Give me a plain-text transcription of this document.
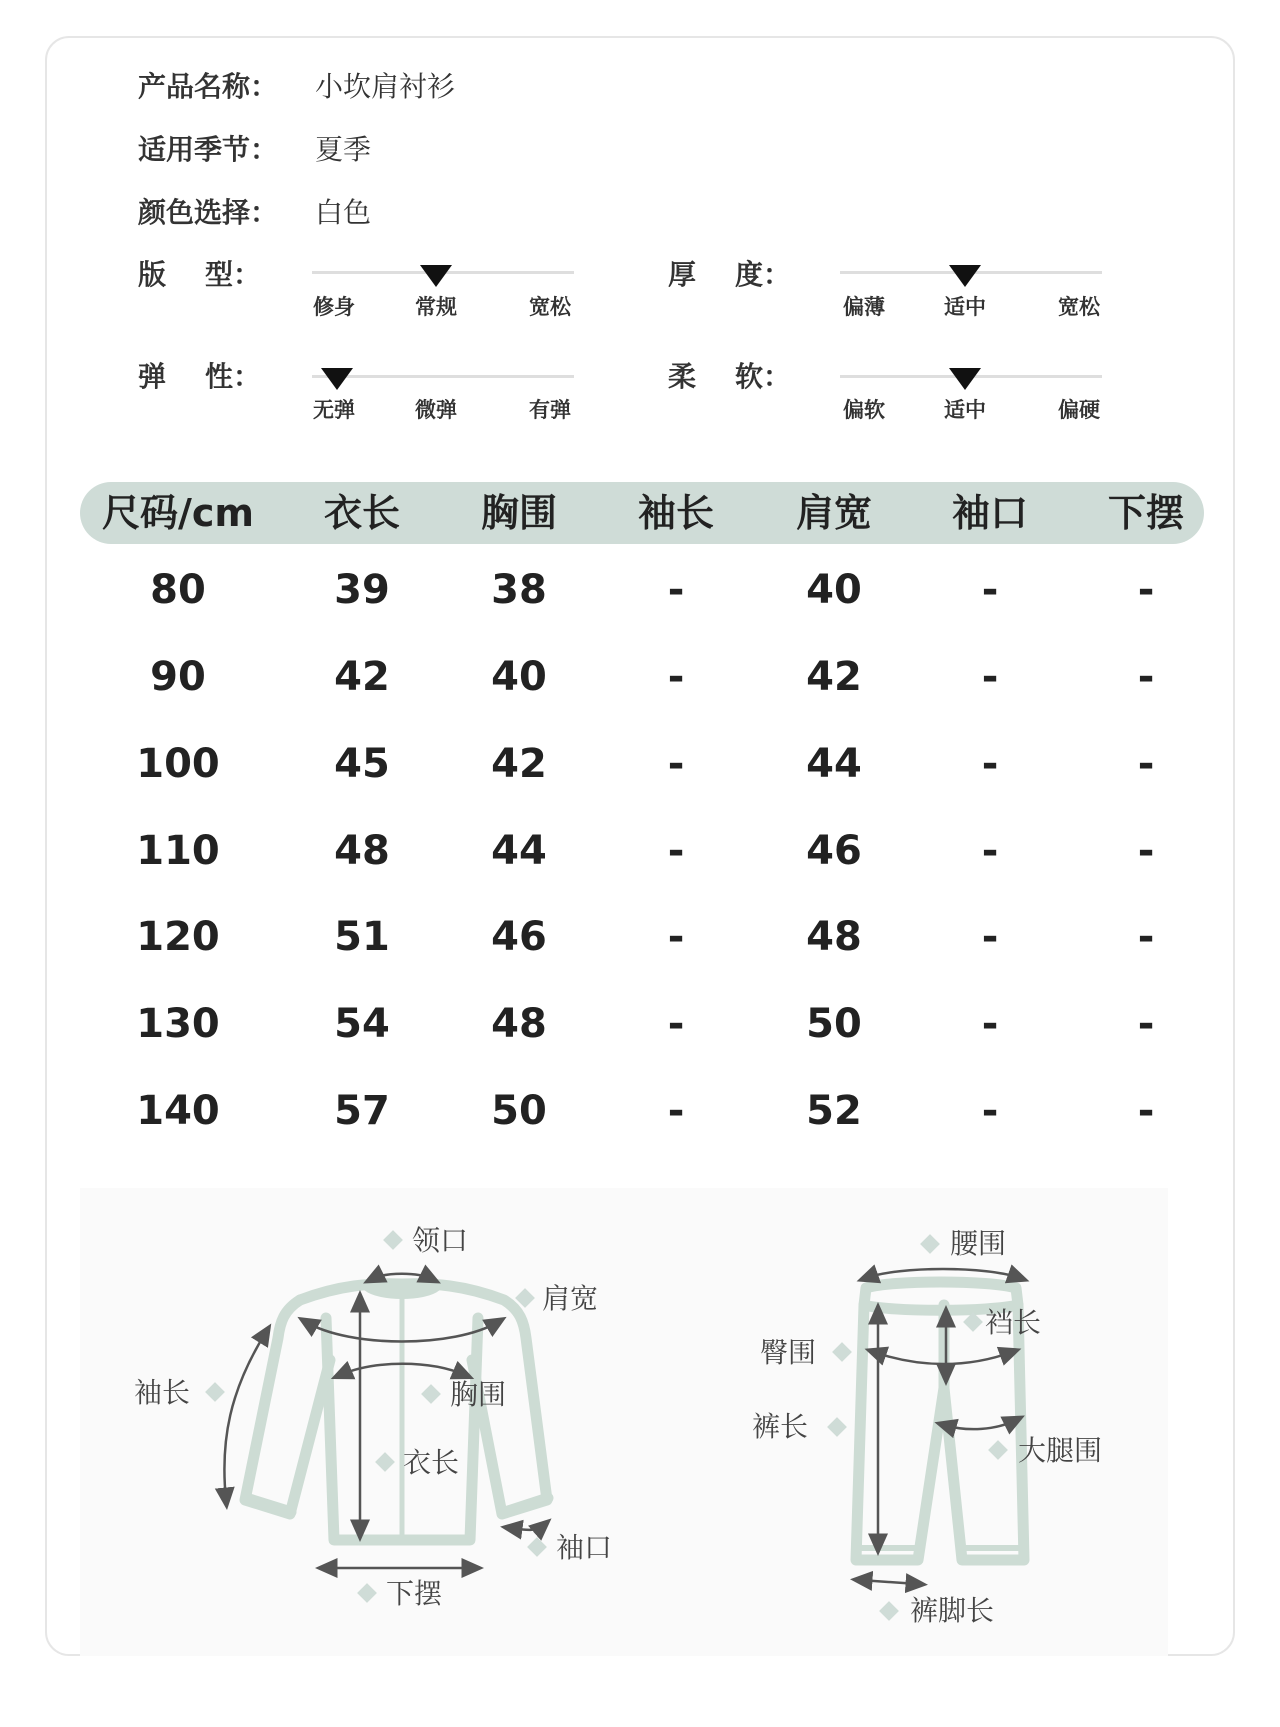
产品名称： 小坎肩衬衫
适用季节： 夏季
颜色选择： 白色
版    型：
修身	常规	宽松
厚    度：
偏薄	适中	宽松
弹    性：
无弹	微弹	有弹
柔    软：
偏软	适中	偏硬
尺码/cm 衣长 胸围 袖长 肩宽 袖口 下摆
80	39	38	-	40	-	-
90	42	40	-	42	-	-
100	45	42	-	44	-	-
110	48	44	-	46	-	-
120	51	46	-	48	-	-
130	54	48	-	50	-	-
140	57	50	-	52	-	-
领口
肩宽
袖长	胸围
衣长
袖口
下摆
腰围
裆长
臀围
裤长
大腿围
裤脚长
